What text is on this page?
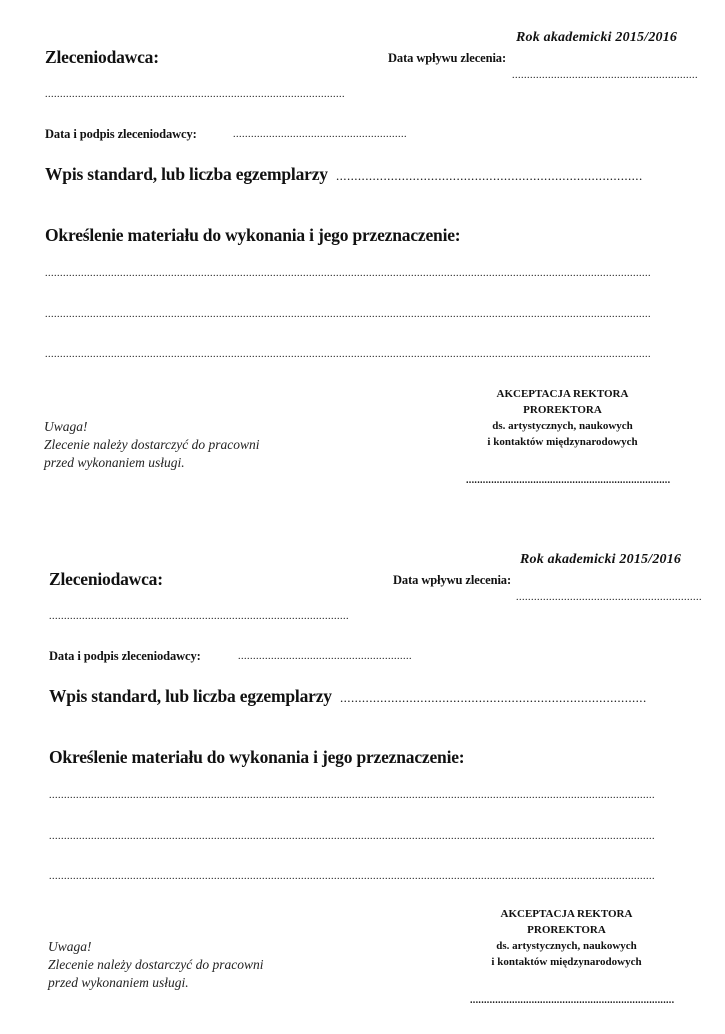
Rok akademicki 2015/2016
Zleceniodawca:	Data wpływu zlecenia:
..............................................................
....................................................................................................
Data i podpis zleceniodawcy:	..........................................................
Wpis standard, lub liczba egzemplarzy ....................................................................................
Określenie materiału do wykonania i jego przeznaczenie:
..........................................................................................................................................................................................................
..........................................................................................................................................................................................................
..........................................................................................................................................................................................................
Uwaga!
Zlecenie należy dostarczyć do pracowni
przed wykonaniem usługi.
AKCEPTACJA REKTORA
PROREKTORA
ds. artystycznych, naukowych
i kontaktów międzynarodowych
.........................................................................
Rok akademicki 2015/2016
Zleceniodawca:	Data wpływu zlecenia:
..............................................................
....................................................................................................
Data i podpis zleceniodawcy:	..........................................................
Wpis standard, lub liczba egzemplarzy ....................................................................................
Określenie materiału do wykonania i jego przeznaczenie:
..........................................................................................................................................................................................................
..........................................................................................................................................................................................................
..........................................................................................................................................................................................................
Uwaga!
Zlecenie należy dostarczyć do pracowni
przed wykonaniem usługi.
AKCEPTACJA REKTORA
PROREKTORA
ds. artystycznych, naukowych
i kontaktów międzynarodowych
.........................................................................
